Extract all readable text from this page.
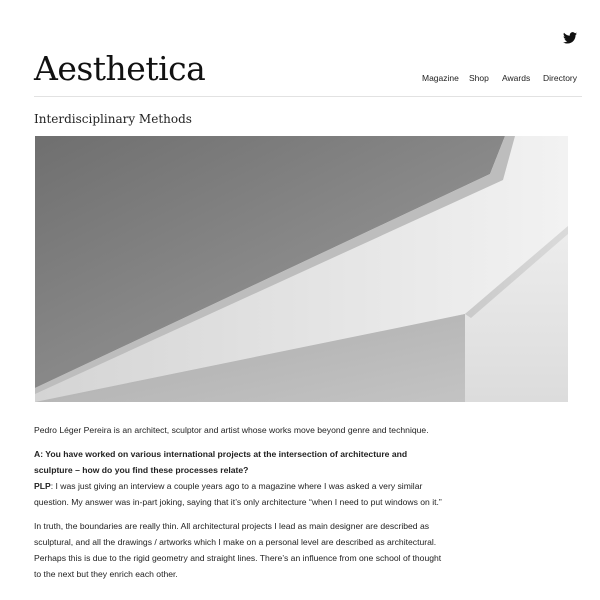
Aesthetica	Magazine Shop Awards Directory
Interdisciplinary Methods

Pedro Léger Pereira is an architect, sculptor and artist whose works move beyond genre and technique.

A: You have worked on various international projects at the intersection of architecture and sculpture – how do you find these processes relate?
PLP: I was just giving an interview a couple years ago to a magazine where I was asked a very similar question. My answer was in-part joking, saying that it’s only architecture “when I need to put windows on it.”

In truth, the boundaries are really thin. All architectural projects I lead as main designer are described as sculptural, and all the drawings / artworks which I make on a personal level are described as architectural. Perhaps this is due to the rigid geometry and straight lines. There’s an influence from one school of thought to the next but they enrich each other.
